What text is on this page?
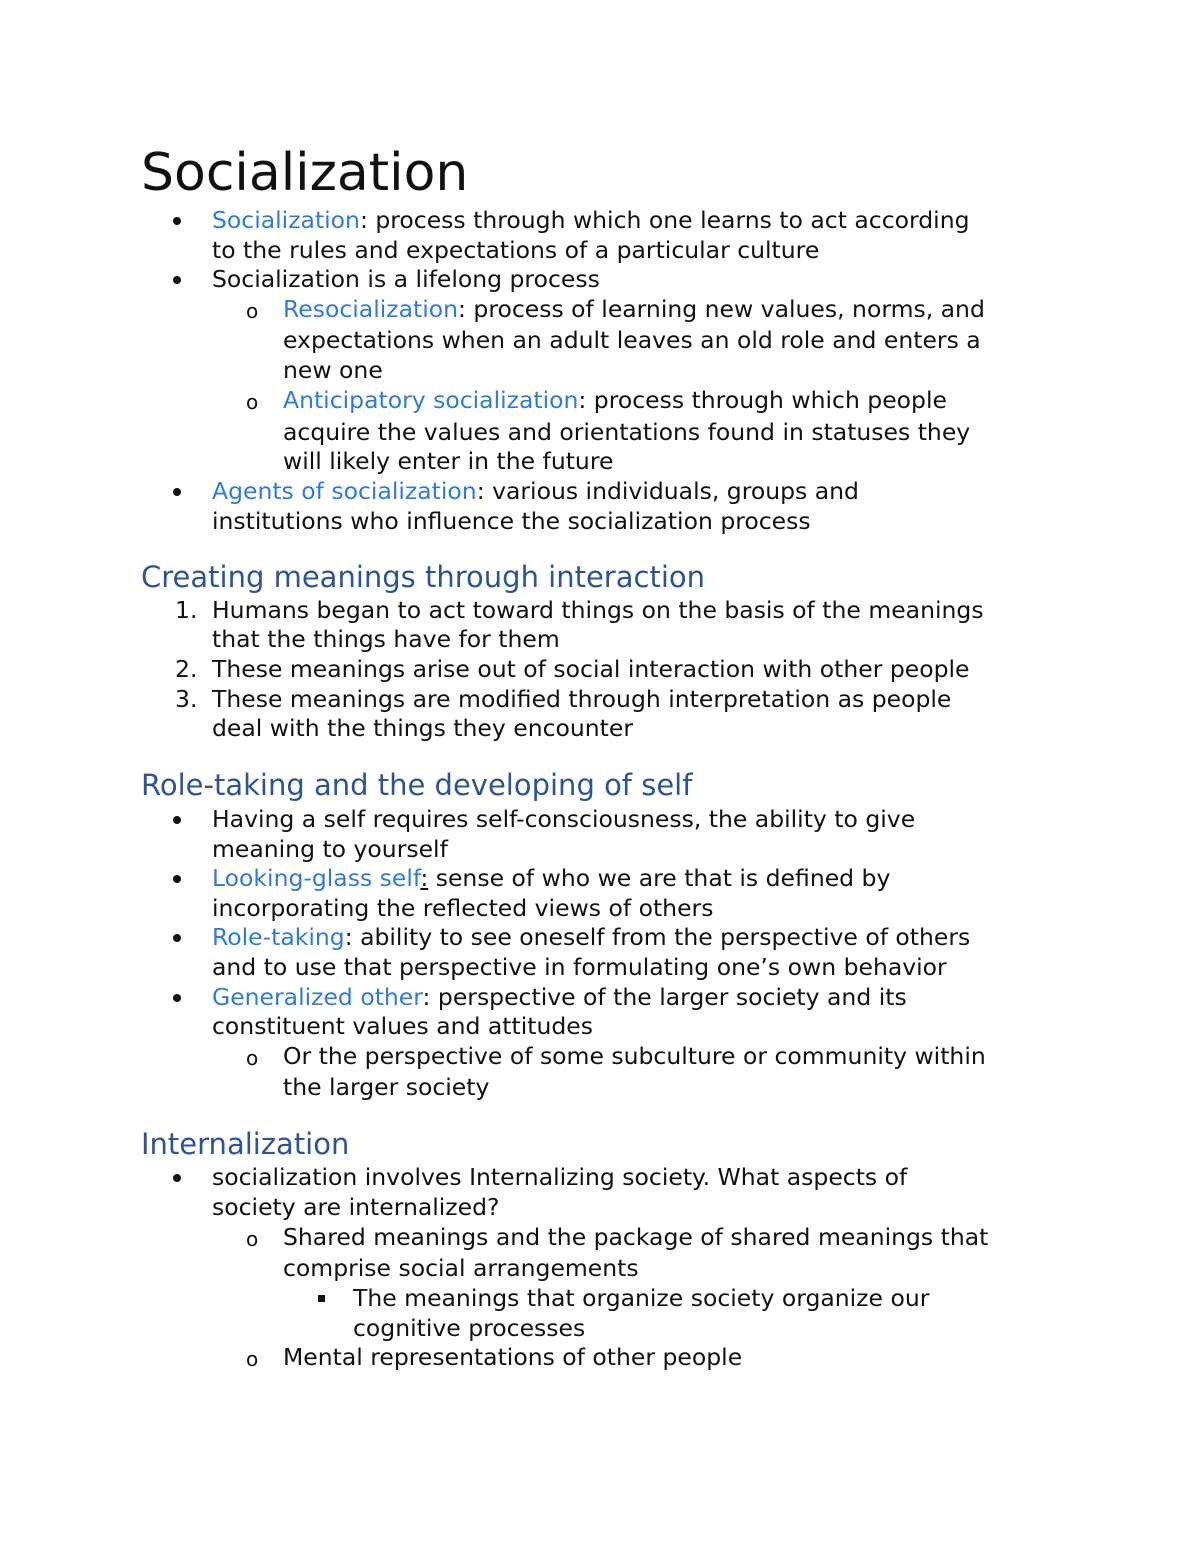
Socialization

Socialization: process through which one learns to act according

to the rules and expectations of a particular culture

Socialization is a lifelong process

o Resocialization: process of learning new values, norms, and

expectations when an adult leaves an old role and enters a

new one

o Anticipatory socialization: process through which people

acquire the values and orientations found in statuses they

will likely enter in the future

Agents of socialization: various individuals, groups and

institutions who influence the socialization process

Creating meanings through interaction
1. Humans began to act toward things on the basis of the meanings

that the things have for them

2. These meanings arise out of social interaction with other people

3. These meanings are modified through interpretation as people

deal with the things they encounter

Role-taking and the developing of self

Having a self requires self-consciousness, the ability to give

meaning to yourself

Looking-glass self: sense of who we are that is defined by

incorporating the reflected views of others

Role-taking: ability to see oneself from the perspective of others

and to use that perspective in formulating one’s own behavior

Generalized other: perspective of the larger society and its

constituent values and attitudes

o Or the perspective of some subculture or community within

the larger society

Internalization

socialization involves Internalizing society. What aspects of

society are internalized?

o Shared meanings and the package of shared meanings that

comprise social arrangements

The meanings that organize society organize our

cognitive processes

o Mental representations of other people
